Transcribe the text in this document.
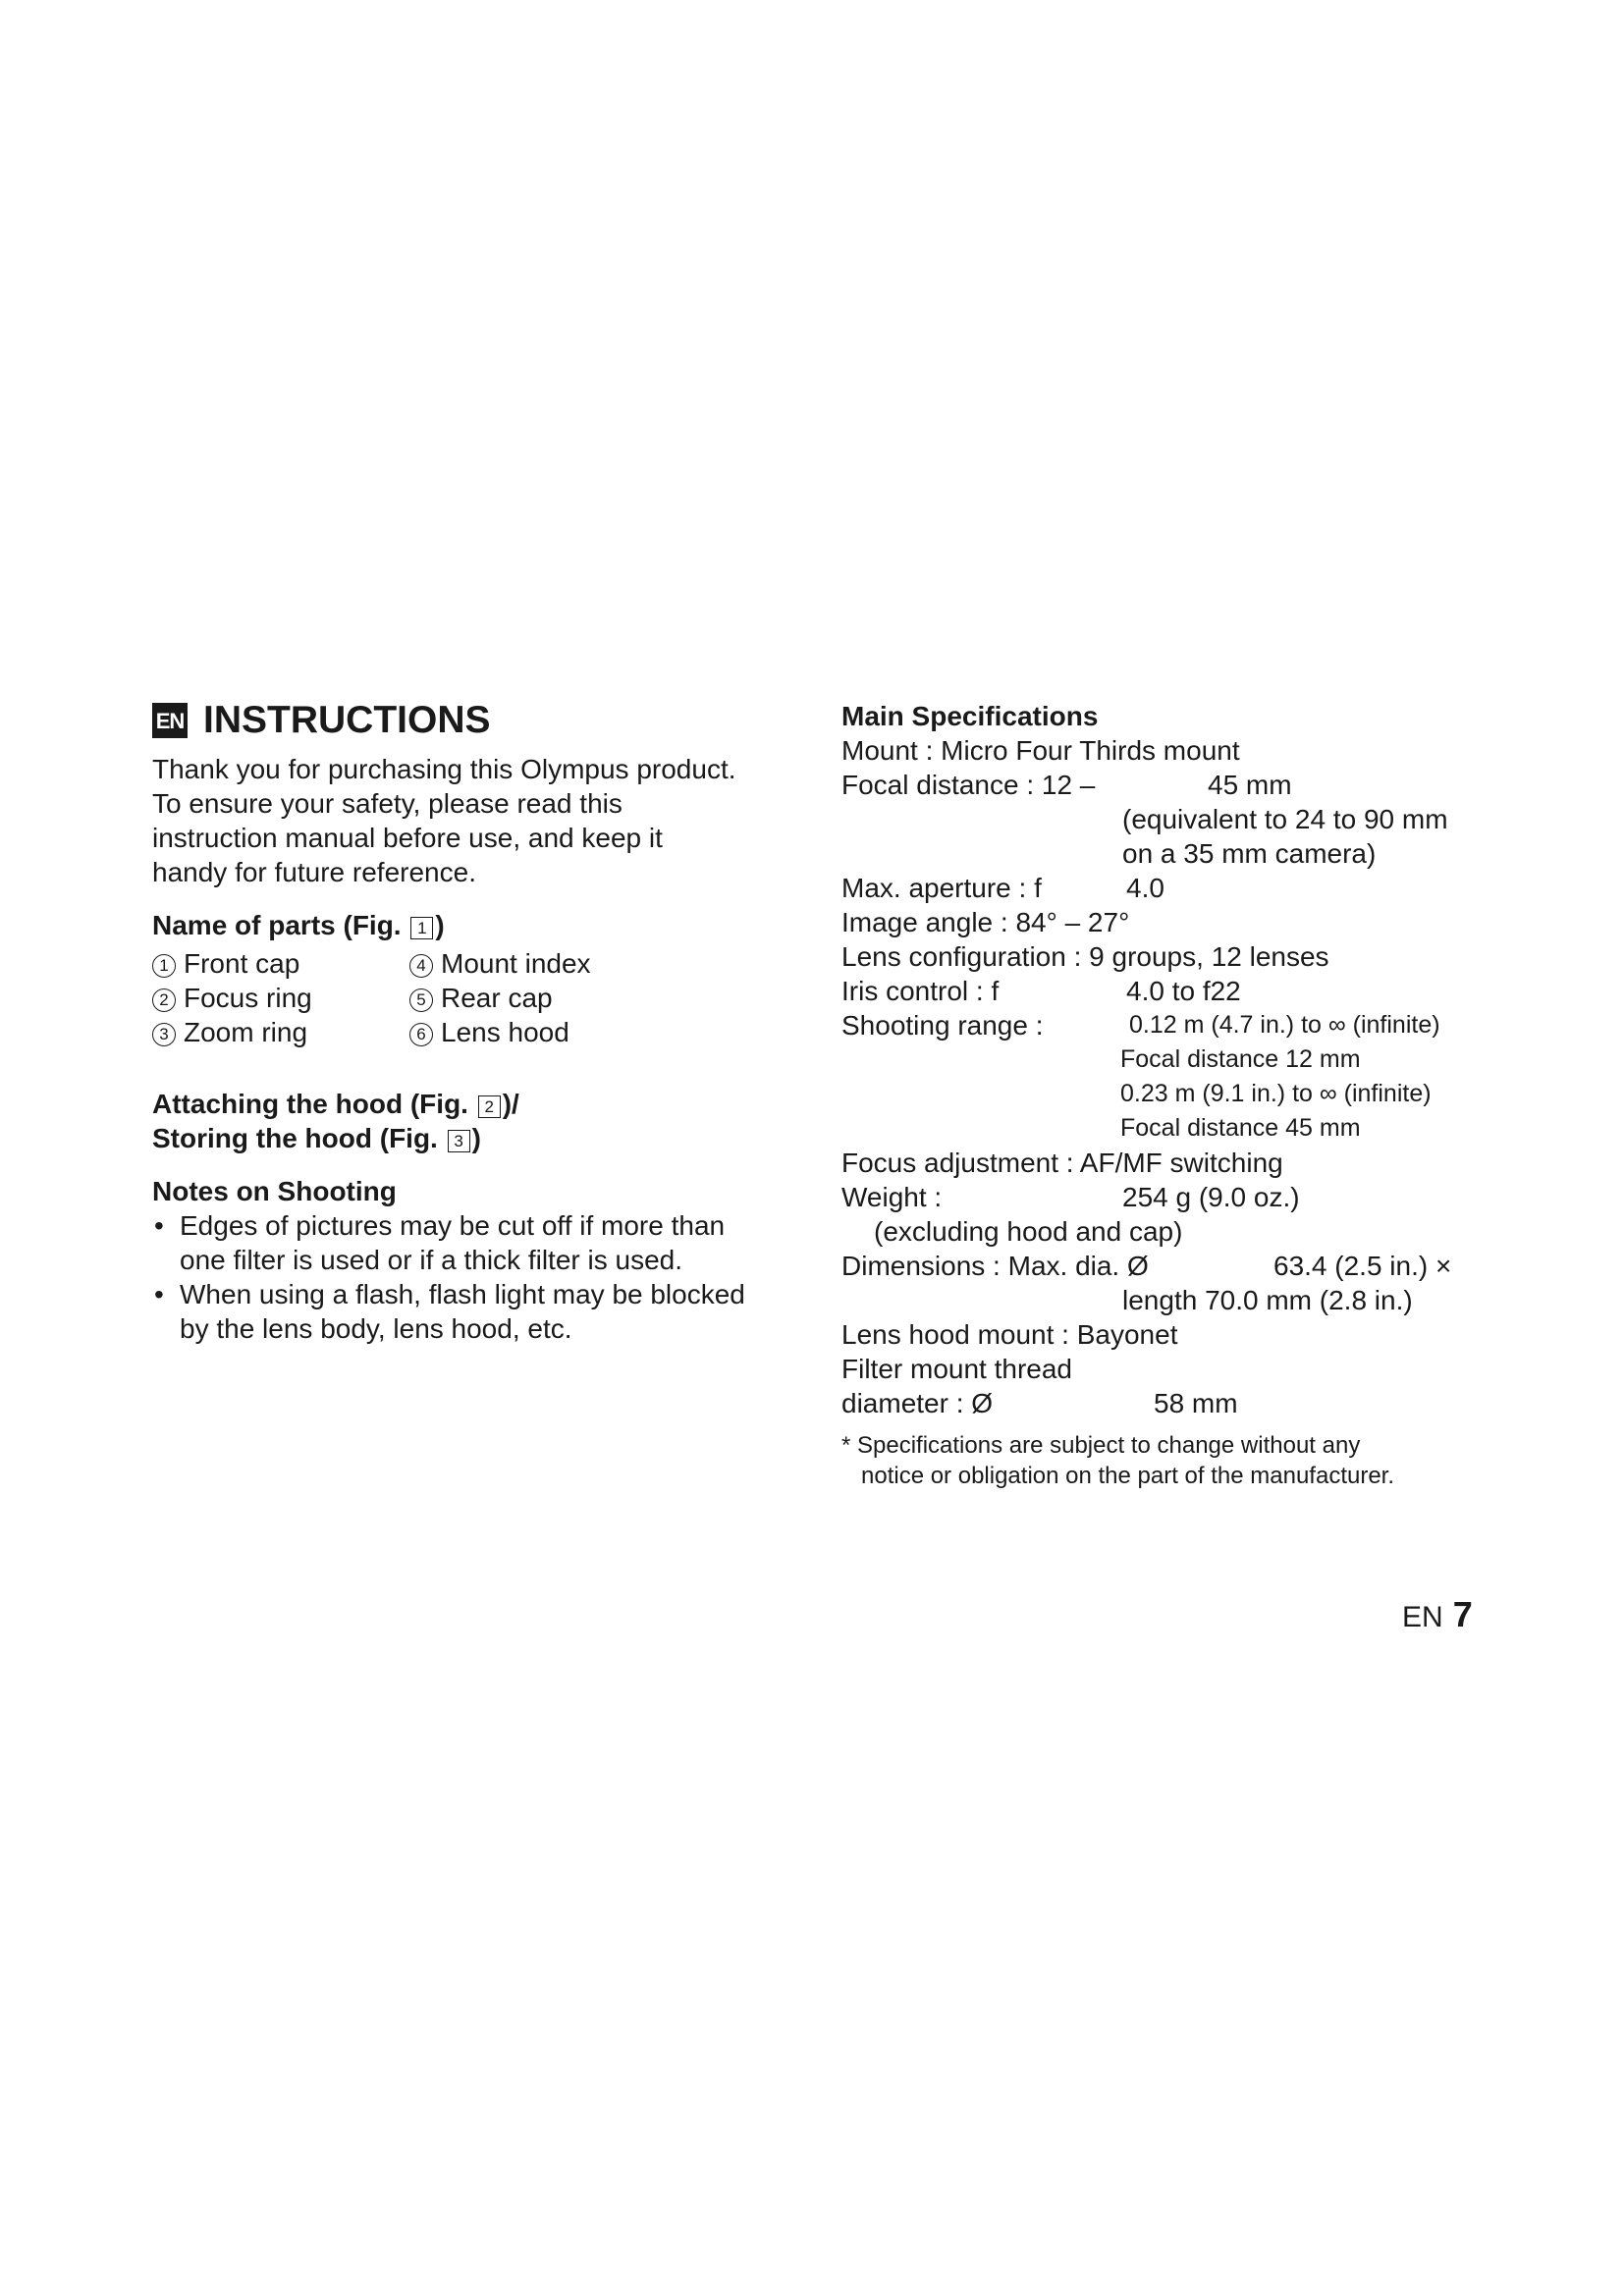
EN INSTRUCTIONS

Thank you for purchasing this Olympus product.

To ensure your safety, please read this

instruction manual before use, and keep it

handy for future reference.

Name of parts (Fig. 1 )

1 Front cap	4 Mount index
2 Focus ring	5 Rear cap
3 Zoom ring	6 Lens hood

Attaching the hood (Fig. 2 )/

Storing the hood (Fig. 3 )

Notes on Shooting

• Edges of pictures may be cut off if more than
one filter is used or if a thick filter is used.
• When using a flash, flash light may be blocked
by the lens body, lens hood, etc.
Main Specifications
Mount : Micro Four Thirds mount
Focal distance : 12 –	45 mm
(equivalent to 24 to 90 mm
on a 35 mm camera)
Max. aperture : f	4.0
Image angle : 84° – 27°
Lens configuration : 9 groups, 12 lenses
Iris control : f	4.0 to f22
Shooting range :	0.12 m (4.7 in.) to ∞ (infinite)
Focal distance 12 mm
0.23 m (9.1 in.) to ∞ (infinite)
Focal distance 45 mm
Focus adjustment : AF/MF switching
Weight :	254 g (9.0 oz.)
(excluding hood and cap)
Dimensions : Max. dia. Ø	63.4 (2.5 in.) ×
length 70.0 mm (2.8 in.)
Lens hood mount : Bayonet
Filter mount thread
diameter : Ø	58 mm
* Specifications are subject to change without any
notice or obligation on the part of the manufacturer.
EN 7
